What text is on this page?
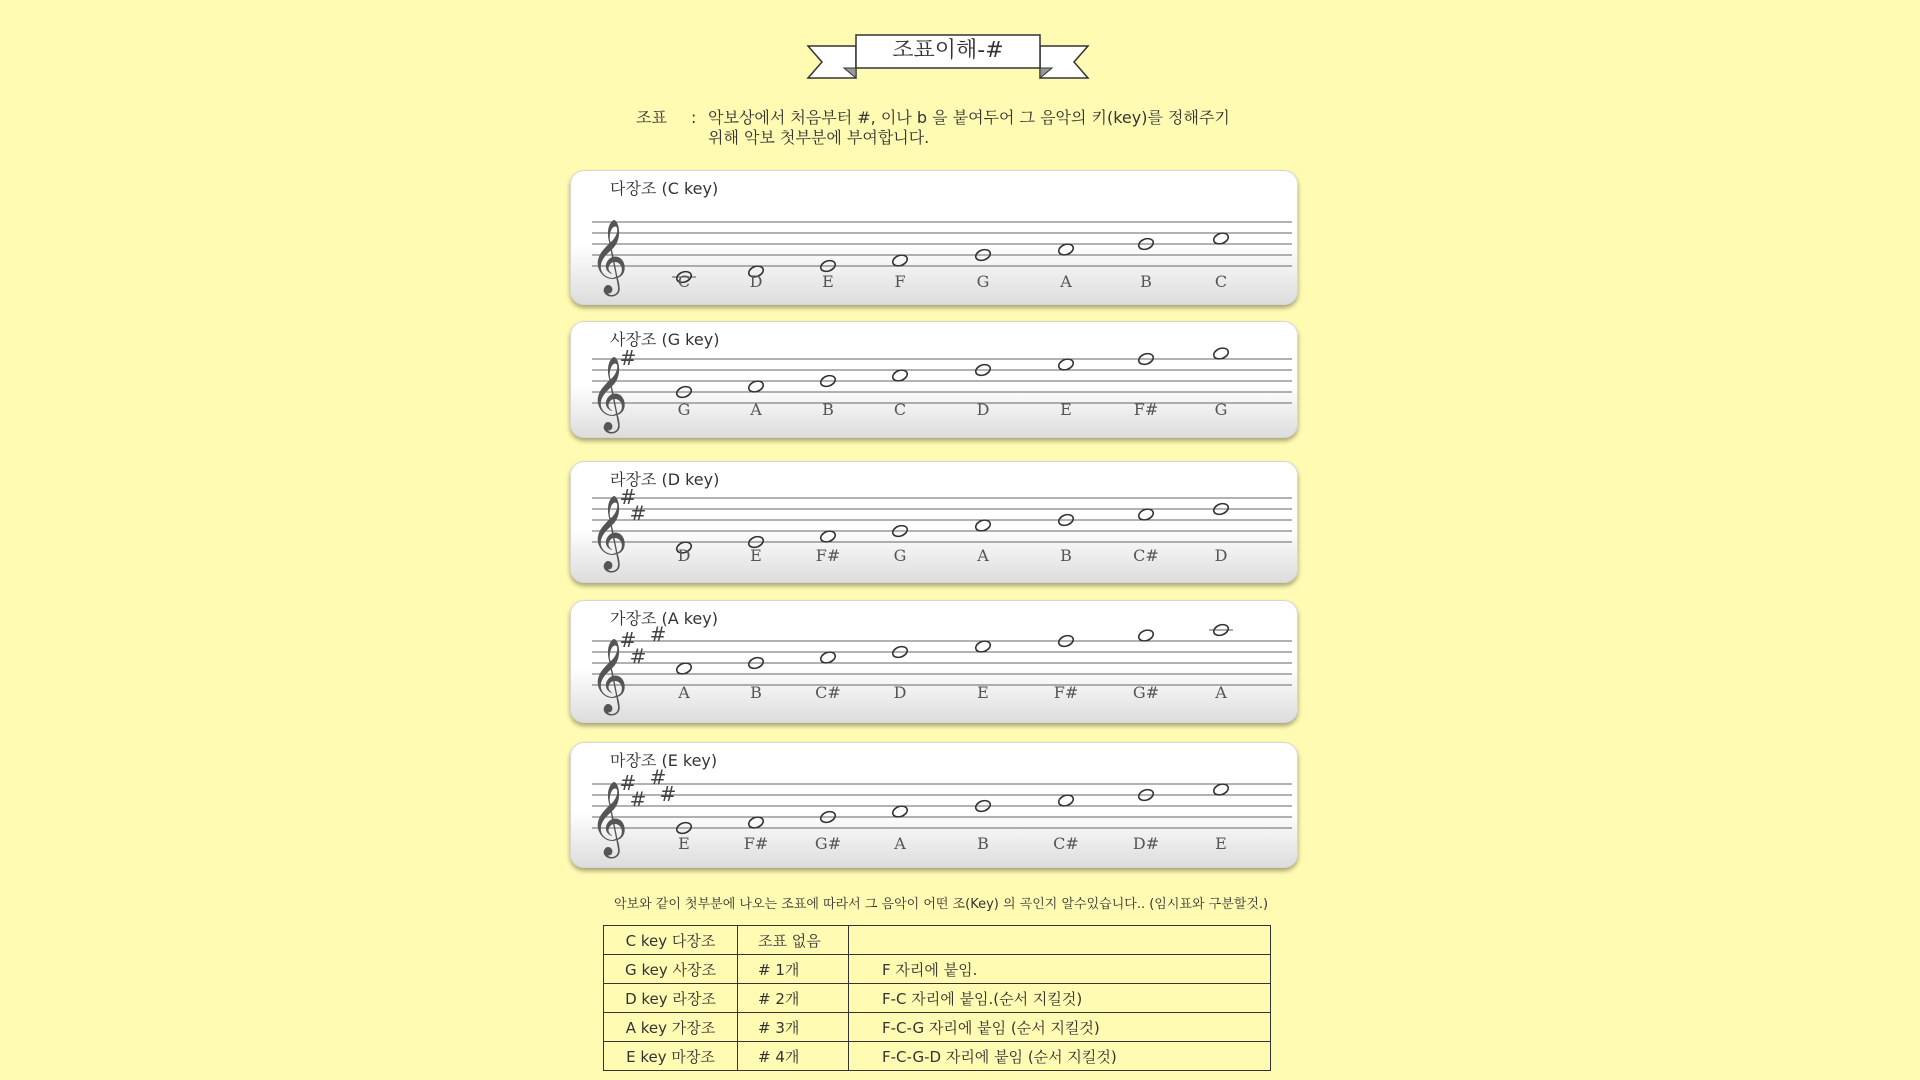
조표이해-#
조표 : 악보상에서 처음부터 #, 이나 b 을 붙여두어 그 음악의 키(key)를 정해주기
위해 악보 첫부분에 부여합니다.
다장조 (C key)
𝄞	C	D	E	F	G	A	B	C
사장조 (G key)
𝄞
#
G	A	B	C	D	E	F#	G
라장조 (D key)
𝄞
#
#
D	E	F#	G	A	B	C#	D
가장조 (A key)
𝄞
#
#
#
A	B	C#	D	E	F#	G#	A
마장조 (E key)
𝄞
#
#
#
#
E	F#	G#	A	B	C#	D#	E
악보와 같이 첫부분에 나오는 조표에 따라서 그 음악이 어떤 조(Key) 의 곡인지 알수있습니다.. (임시표와 구분할것.)
C key 다장조	조표 없음	
G key 사장조	# 1개	F 자리에 붙임.
D key 라장조	# 2개	F-C 자리에 붙임.(순서 지킬것)
A key 가장조	# 3개	F-C-G 자리에 붙임 (순서 지킬것)
E key 마장조	# 4개	F-C-G-D 자리에 붙임 (순서 지킬것)
